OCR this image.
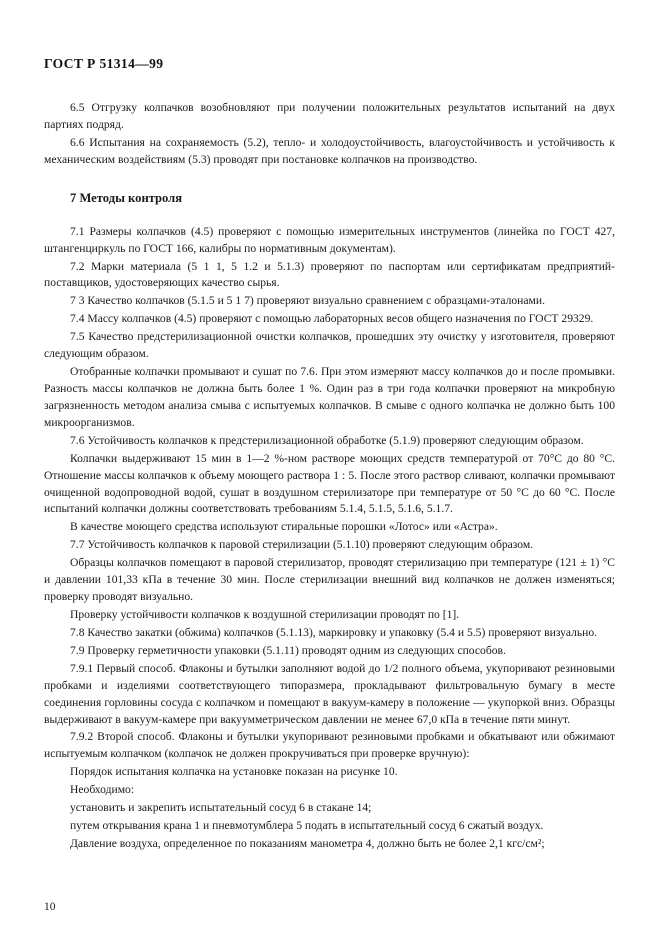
ГОСТ Р 51314—99

6.5 Отгрузку колпачков возобновляют при получении положительных результатов испытаний на двух партиях подряд.

6.6 Испытания на сохраняемость (5.2), тепло- и холодоустойчивость, влагоустойчивость и устойчивость к механическим воздействиям (5.3) проводят при постановке колпачков на производство.

7 Методы контроля

7.1 Размеры колпачков (4.5) проверяют с помощью измерительных инструментов (линейка по ГОСТ 427, штангенциркуль по ГОСТ 166, калибры по нормативным документам).

7.2 Марки материала (5 1 1, 5 1.2 и 5.1.3) проверяют по паспортам или сертификатам предприятий-поставщиков, удостоверяющих качество сырья.

7 3 Качество колпачков (5.1.5 и 5 1 7) проверяют визуально сравнением с образцами-эталонами.

7.4 Массу колпачков (4.5) проверяют с помощью лабораторных весов общего назначения по ГОСТ 29329.

7.5 Качество предстерилизационной очистки колпачков, прошедших эту очистку у изготовителя, проверяют следующим образом.

Отобранные колпачки промывают и сушат по 7.6. При этом измеряют массу колпачков до и после промывки. Разность массы колпачков не должна быть более 1 %. Один раз в три года колпачки проверяют на микробную загрязненность методом анализа смыва с испытуемых колпачков. В смыве с одного колпачка не должно быть 100 микроорганизмов.

7.6 Устойчивость колпачков к предстерилизационной обработке (5.1.9) проверяют следующим образом.

Колпачки выдерживают 15 мин в 1—2 %-ном растворе моющих средств температурой от 70°С до 80 °С. Отношение массы колпачков к объему моющего раствора 1 : 5. После этого раствор сливают, колпачки промывают очищенной водопроводной водой, сушат в воздушном стерилизаторе при температуре от 50 °С до 60 °С. После испытаний колпачки должны соответствовать требованиям 5.1.4, 5.1.5, 5.1.6, 5.1.7.

В качестве моющего средства используют стиральные порошки «Лотос» или «Астра».

7.7 Устойчивость колпачков к паровой стерилизации (5.1.10) проверяют следующим образом.

Образцы колпачков помещают в паровой стерилизатор, проводят стерилизацию при температуре (121 ± 1) °С и давлении 101,33 кПа в течение 30 мин. После стерилизации внешний вид колпачков не должен изменяться; проверку проводят визуально.

Проверку устойчивости колпачков к воздушной стерилизации проводят по [1].

7.8 Качество закатки (обжима) колпачков (5.1.13), маркировку и упаковку (5.4 и 5.5) проверяют визуально.

7.9 Проверку герметичности упаковки (5.1.11) проводят одним из следующих способов.

7.9.1 Первый способ. Флаконы и бутылки заполняют водой до 1/2 полного объема, укупоривают резиновыми пробками и изделиями соответствующего типоразмера, прокладывают фильтровальную бумагу в месте соединения горловины сосуда с колпачком и помещают в вакуум-камеру в положение — укупоркой вниз. Образцы выдерживают в вакуум-камере при вакуумметрическом давлении не менее 67,0 кПа в течение пяти минут.

7.9.2 Второй способ. Флаконы и бутылки укупоривают резиновыми пробками и обкатывают или обжимают испытуемым колпачком (колпачок не должен прокручиваться при проверке вручную):

Порядок испытания колпачка на установке показан на рисунке 10.

Необходимо:

установить и закрепить испытательный сосуд 6 в стакане 14;

путем открывания крана 1 и пневмотумблера 5 подать в испытательный сосуд 6 сжатый воздух.

Давление воздуха, определенное по показаниям манометра 4, должно быть не более 2,1 кгс/см²;

10
